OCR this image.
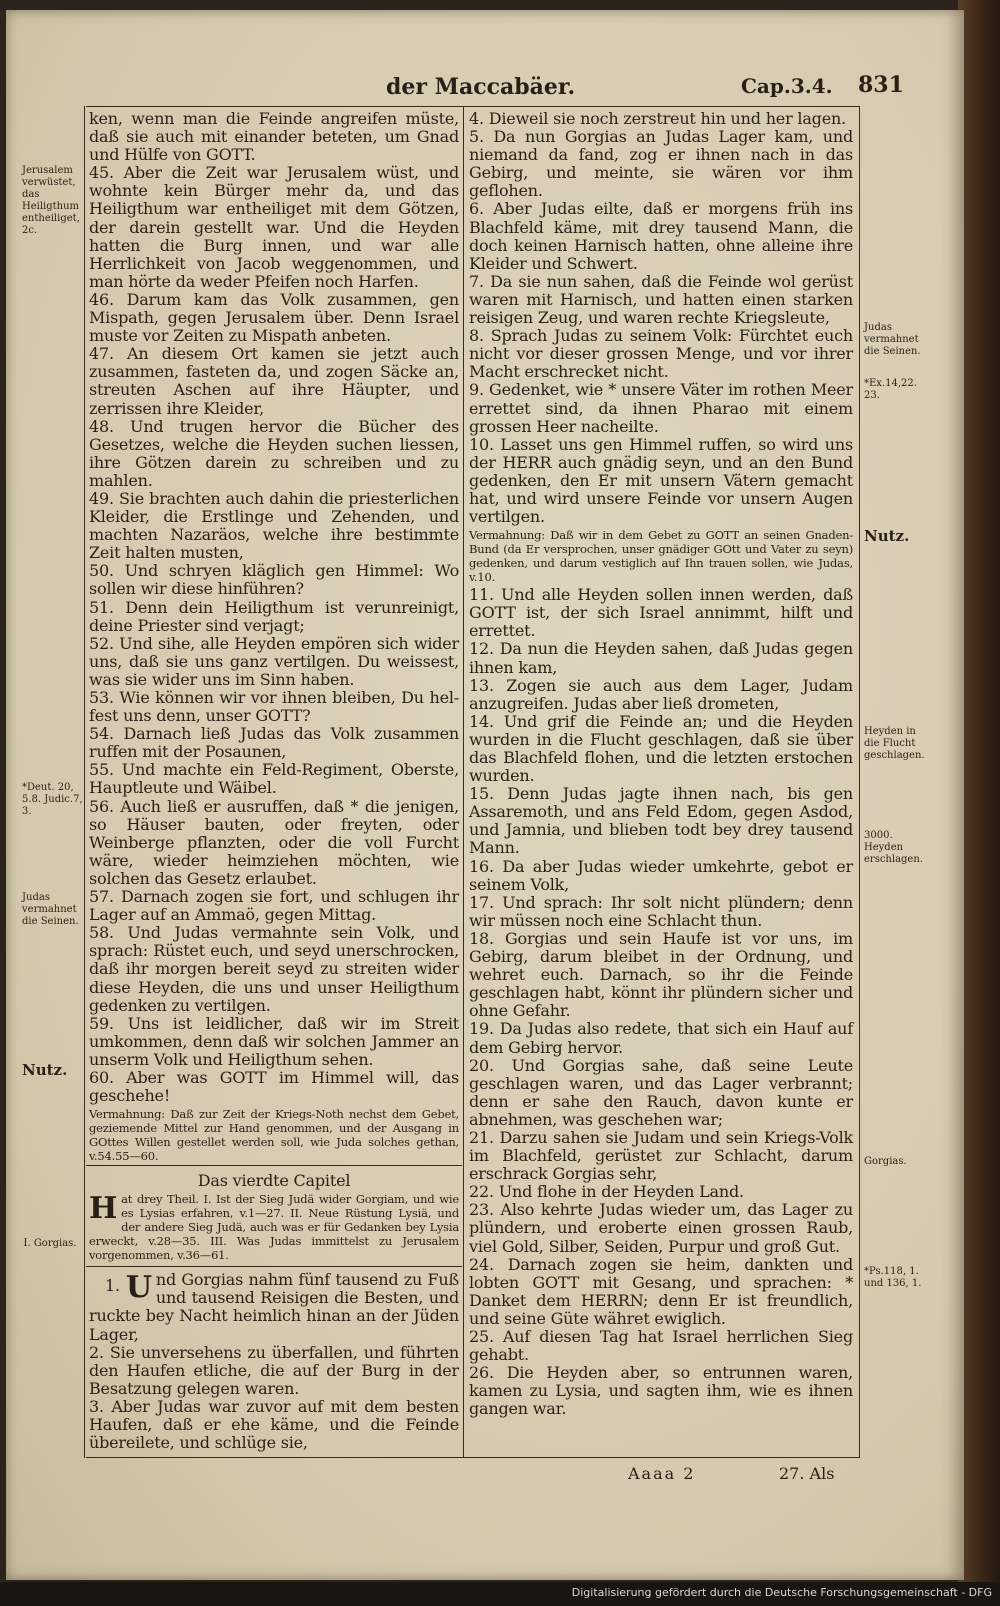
der Maccabäer.	Cap.3.4. 831

ken, wenn man die Feinde angreifen müste, daß sie auch mit einander beteten, um Gnad und Hülfe von GOTT.

45. Aber die Zeit war Jerusalem wüst, und wohnte kein Bürger mehr da, und das Heiligthum war entheiliget mit dem Götzen, der darein gestellt war. Und die Heyden hatten die Burg innen, und war alle Herrlichkeit von Jacob weggenommen, und man hörte da weder Pfeifen noch Harfen.

46. Darum kam das Volk zusammen, gen Mispath, gegen Jerusalem über. Denn Israel muste vor Zeiten zu Mispath anbeten.

47. An diesem Ort kamen sie jetzt auch zusammen, fasteten da, und zogen Säcke an, streuten Aschen auf ihre Häupter, und zerrissen ihre Kleider,

48. Und trugen hervor die Bücher des Gesetzes, welche die Heyden suchen liessen, ihre Götzen darein zu schreiben und zu mahlen.

49. Sie brachten auch dahin die priesterlichen Kleider, die Erstlinge und Zehenden, und machten Nazaräos, welche ihre bestimmte Zeit halten musten,

50. Und schryen kläglich gen Himmel: Wo sollen wir diese hinführen?

51. Denn dein Heiligthum ist verunreinigt, deine Priester sind verjagt;

52. Und sihe, alle Heyden empören sich wider uns, daß sie uns ganz vertilgen. Du weissest, was sie wider uns im Sinn haben.

53. Wie können wir vor ihnen bleiben, Du hel-fest uns denn, unser GOTT?

54. Darnach ließ Judas das Volk zusammen ruffen mit der Posaunen,

55. Und machte ein Feld-Regiment, Oberste, Hauptleute und Wäibel.

56. Auch ließ er ausruffen, daß * die jenigen, so Häuser bauten, oder freyten, oder Weinberge pflanzten, oder die voll Furcht wäre, wieder heimziehen möchten, wie solchen das Gesetz erlaubet.

57. Darnach zogen sie fort, und schlugen ihr Lager auf an Ammaö, gegen Mittag.

58. Und Judas vermahnte sein Volk, und sprach: Rüstet euch, und seyd unerschrocken, daß ihr morgen bereit seyd zu streiten wider diese Heyden, die uns und unser Heiligthum gedenken zu vertilgen.

59. Uns ist leidlicher, daß wir im Streit umkommen, denn daß wir solchen Jammer an unserm Volk und Heiligthum sehen.

60. Aber was GOTT im Himmel will, das geschehe!

Vermahnung: Daß zur Zeit der Kriegs-Noth nechst dem Gebet, geziemende Mittel zur Hand genommen, und der Ausgang in GOttes Willen gestellet werden soll, wie Juda solches gethan, v.54.55—60.

Das vierdte Capitel

Hat drey Theil. I. Ist der Sieg Judä wider Gorgiam, und wie es Lysias erfahren, v.1—27. II. Neue Rüstung Lysiä, und der andere Sieg Judä, auch was er für Gedanken bey Lysia erweckt, v.28—35. III. Was Judas immittelst zu Jerusalem vorgenommen, v.36—61.

1. U nd Gorgias nahm fünf tausend zu Fuß und tausend Reisigen die Besten, und ruckte bey Nacht heimlich hinan an der Jüden Lager,

2. Sie unversehens zu überfallen, und führten den Haufen etliche, die auf der Burg in der Besatzung gelegen waren.

3. Aber Judas war zuvor auf mit dem besten Haufen, daß er ehe käme, und die Feinde übereilete, und schlüge sie,

4. Dieweil sie noch zerstreut hin und her lagen.

5. Da nun Gorgias an Judas Lager kam, und niemand da fand, zog er ihnen nach in das Gebirg, und meinte, sie wären vor ihm geflohen.

6. Aber Judas eilte, daß er morgens früh ins Blachfeld käme, mit drey tausend Mann, die doch keinen Harnisch hatten, ohne alleine ihre Kleider und Schwert.

7. Da sie nun sahen, daß die Feinde wol gerüst waren mit Harnisch, und hatten einen starken reisigen Zeug, und waren rechte Kriegsleute,

8. Sprach Judas zu seinem Volk: Fürchtet euch nicht vor dieser grossen Menge, und vor ihrer Macht erschrecket nicht.

9. Gedenket, wie * unsere Väter im rothen Meer errettet sind, da ihnen Pharao mit einem grossen Heer nacheilte.

10. Lasset uns gen Himmel ruffen, so wird uns der HERR auch gnädig seyn, und an den Bund gedenken, den Er mit unsern Vätern gemacht hat, und wird unsere Feinde vor unsern Augen vertilgen.

Vermahnung: Daß wir in dem Gebet zu GOTT an seinen Gnaden-Bund (da Er versprochen, unser gnädiger GOtt und Vater zu seyn) gedenken, und darum vestiglich auf Ihn trauen sollen, wie Judas, v.10.

11. Und alle Heyden sollen innen werden, daß GOTT ist, der sich Israel annimmt, hilft und errettet.

12. Da nun die Heyden sahen, daß Judas gegen ihnen kam,

13. Zogen sie auch aus dem Lager, Judam anzugreifen. Judas aber ließ drometen,

14. Und grif die Feinde an; und die Heyden wurden in die Flucht geschlagen, daß sie über das Blachfeld flohen, und die letzten erstochen wurden.

15. Denn Judas jagte ihnen nach, bis gen Assaremoth, und ans Feld Edom, gegen Asdod, und Jamnia, und blieben todt bey drey tausend Mann.

16. Da aber Judas wieder umkehrte, gebot er seinem Volk,

17. Und sprach: Ihr solt nicht plündern; denn wir müssen noch eine Schlacht thun.

18. Gorgias und sein Haufe ist vor uns, im Gebirg, darum bleibet in der Ordnung, und wehret euch. Darnach, so ihr die Feinde geschlagen habt, könnt ihr plündern sicher und ohne Gefahr.

19. Da Judas also redete, that sich ein Hauf auf dem Gebirg hervor.

20. Und Gorgias sahe, daß seine Leute geschlagen waren, und das Lager verbrannt; denn er sahe den Rauch, davon kunte er abnehmen, was geschehen war;

21. Darzu sahen sie Judam und sein Kriegs-Volk im Blachfeld, gerüstet zur Schlacht, darum erschrack Gorgias sehr,

22. Und flohe in der Heyden Land.

23. Also kehrte Judas wieder um, das Lager zu plündern, und eroberte einen grossen Raub, viel Gold, Silber, Seiden, Purpur und groß Gut.

24. Darnach zogen sie heim, dankten und lobten GOTT mit Gesang, und sprachen: * Danket dem HERRN; denn Er ist freundlich, und seine Güte währet ewiglich.

25. Auf diesen Tag hat Israel herrlichen Sieg gehabt.

26. Die Heyden aber, so entrunnen waren, kamen zu Lysia, und sagten ihm, wie es ihnen gangen war.

Jerusalem verwüstet, das Heiligthum entheiliget, 2c.
*Deut. 20, 5.8. Judic.7, 3.
Judas vermahnet die Seinen.
Nutz.
I. Gorgias.
Judas vermahnet die Seinen.
*Ex.14,22. 23.
Nutz.
Heyden in die Flucht geschlagen.
3000. Heyden erschlagen.
Gorgias.
*Ps.118, 1. und 136, 1.
Aaaa 2	27. Als
Digitalisierung gefördert durch die Deutsche Forschungsgemeinschaft - DFG
